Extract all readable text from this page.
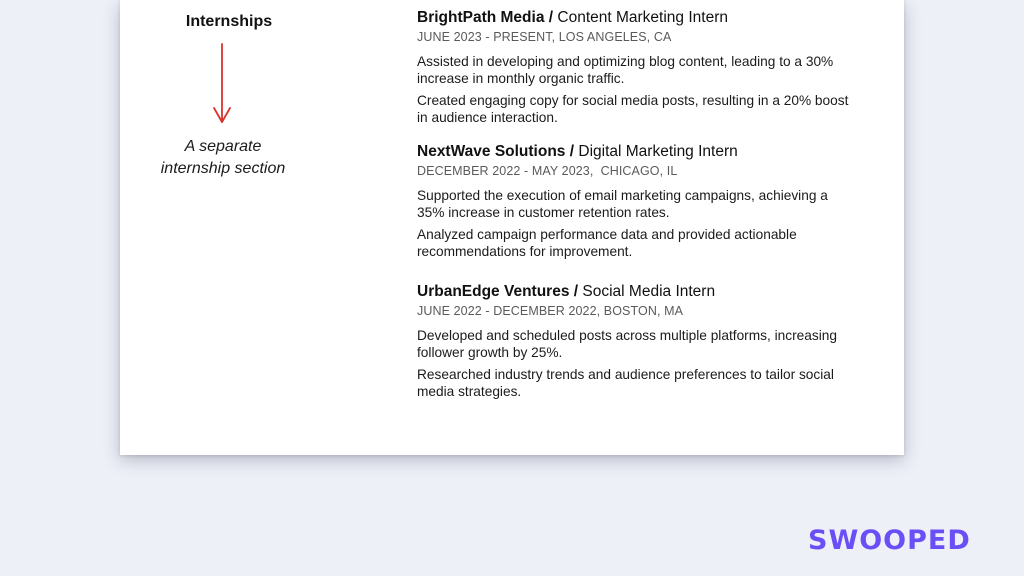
Internships
A separate
internship section
BrightPath Media / Content Marketing Intern
JUNE 2023 - PRESENT, LOS ANGELES, CA
Assisted in developing and optimizing blog content, leading to a 30% increase in monthly organic traffic.
Created engaging copy for social media posts, resulting in a 20% boost in audience interaction.
NextWave Solutions / Digital Marketing Intern
DECEMBER 2022 - MAY 2023,  CHICAGO, IL
Supported the execution of email marketing campaigns, achieving a 35% increase in customer retention rates.
Analyzed campaign performance data and provided actionable recommendations for improvement.
UrbanEdge Ventures / Social Media Intern
JUNE 2022 - DECEMBER 2022, BOSTON, MA
Developed and scheduled posts across multiple platforms, increasing follower growth by 25%.
Researched industry trends and audience preferences to tailor social media strategies.
SWOOPED
